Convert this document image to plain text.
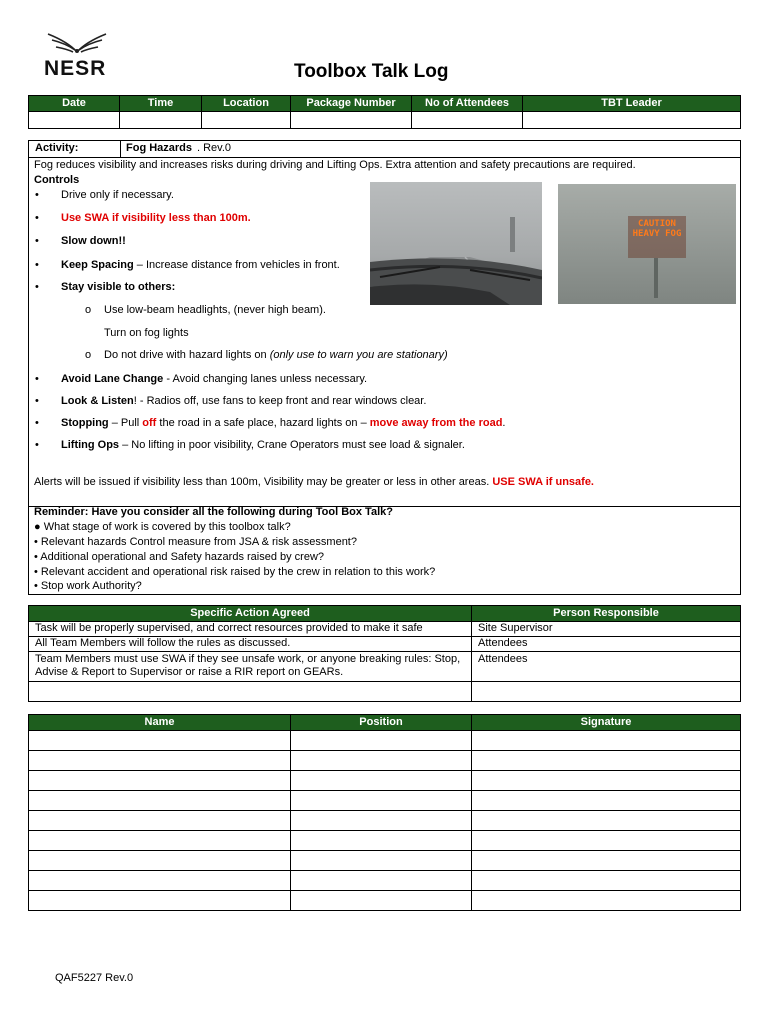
NESR	Toolbox Talk Log
Date	Time	Location	Package Number	No of Attendees	TBT Leader

Activity:	Fog Hazards . Rev.0
Fog reduces visibility and increases risks during driving and Lifting Ops. Extra attention and safety precautions are required.
Controls
• Drive only if necessary.
• Use SWA if visibility less than 100m.
• Slow down!!
• Keep Spacing – Increase distance from vehicles in front.
• Stay visible to others:
o Use low-beam headlights, (never high beam).
Turn on fog lights
o Do not drive with hazard lights on (only use to warn you are stationary)
• Avoid Lane Change - Avoid changing lanes unless necessary.
• Look & Listen! - Radios off, use fans to keep front and rear windows clear.
• Stopping – Pull off the road in a safe place, hazard lights on – move away from the road.
• Lifting Ops – No lifting in poor visibility, Crane Operators must see load & signaler.
Alerts will be issued if visibility less than 100m, Visibility may be greater or less in other areas. USE SWA if unsafe.
CAUTION HEAVY FOG
Reminder: Have you consider all the following during Tool Box Talk?
● What stage of work is covered by this toolbox talk?
• Relevant hazards Control measure from JSA & risk assessment?
• Additional operational and Safety hazards raised by crew?
• Relevant accident and operational risk raised by the crew in relation to this work?
• Stop work Authority?
Specific Action Agreed	Person Responsible
Task will be properly supervised, and correct resources provided to make it safe	Site Supervisor
All Team Members will follow the rules as discussed.	Attendees
Team Members must use SWA if they see unsafe work, or anyone breaking rules: Stop, Advise & Report to Supervisor or raise a RIR report on GEARs.	Attendees

Name	Position	Signature

QAF5227 Rev.0
